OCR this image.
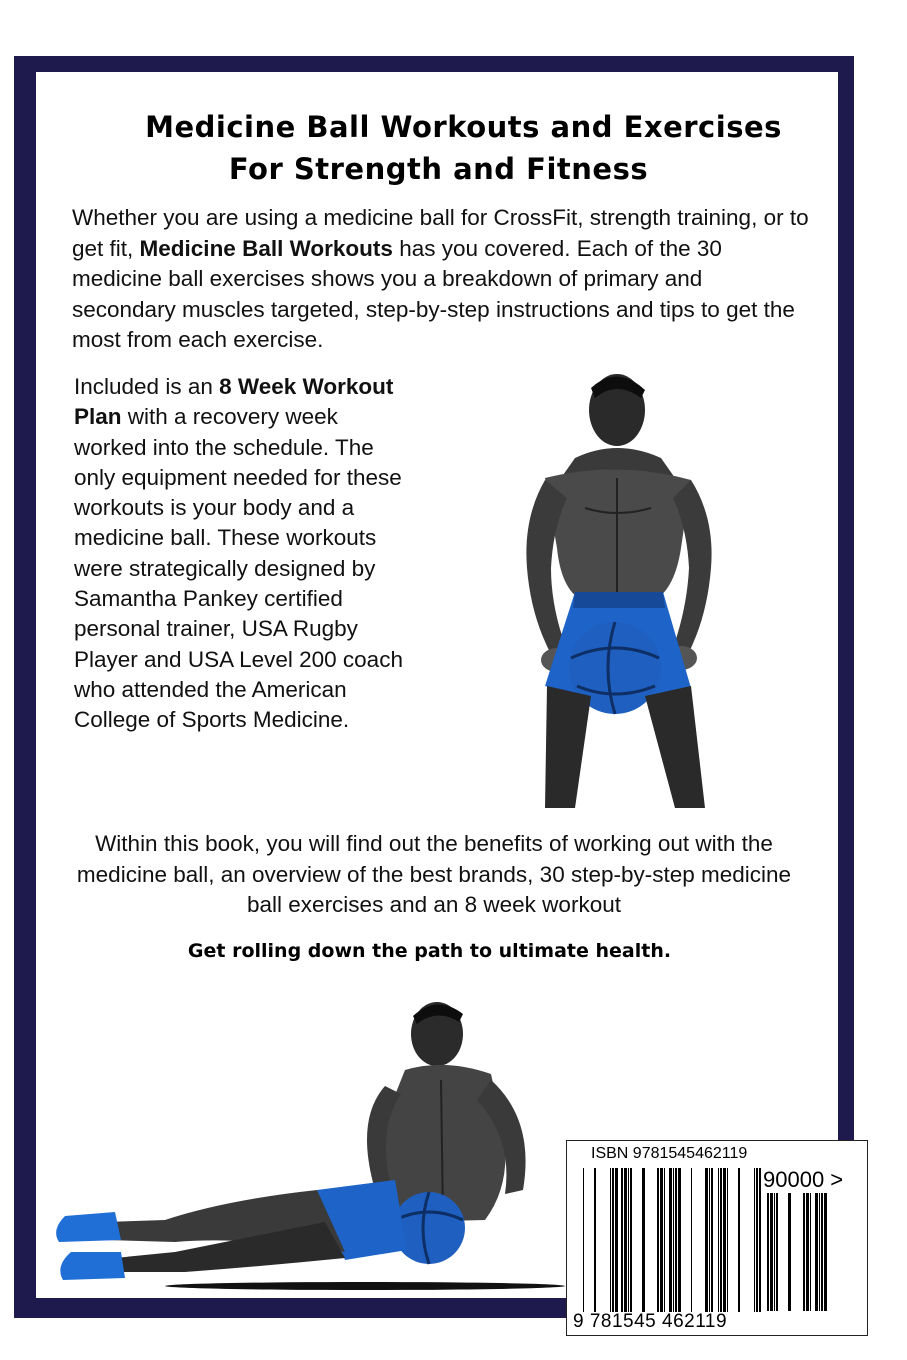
Medicine Ball Workouts and Exercises
For Strength and Fitness
Whether you are using a medicine ball for CrossFit, strength training, or to get fit, Medicine Ball Workouts has you covered. Each of the 30 medicine ball exercises shows you a breakdown of primary and secondary muscles targeted, step-by-step instructions and tips to get the most from each exercise.
Included is an 8 Week Workout Plan with a recovery week worked into the schedule. The only equipment needed for these workouts is your body and a medicine ball. These workouts were strategically designed by Samantha Pankey certified personal trainer, USA Rugby Player and USA Level 200 coach who attended the American College of Sports Medicine.
Within this book, you will find out the benefits of working out with the medicine ball, an overview of the best brands, 30 step-by-step medicine ball exercises and an 8 week workout
Get rolling down the path to ultimate health.
ISBN 9781545462119
90000 >
9 781545 462119
